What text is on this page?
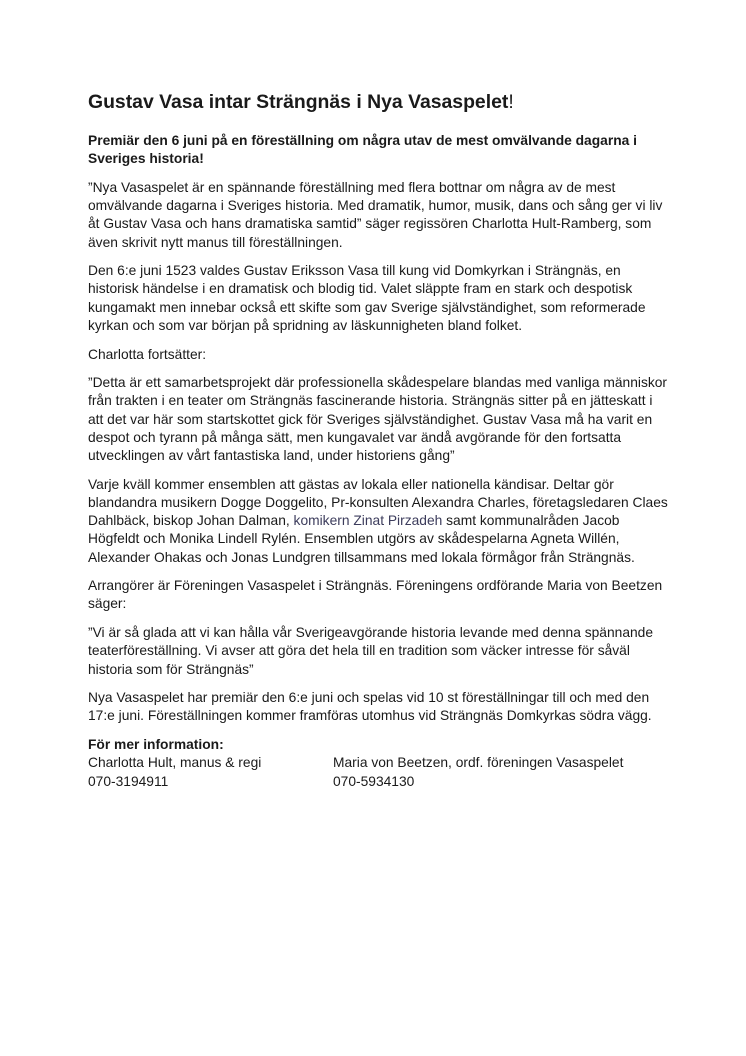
Gustav Vasa intar Strängnäs i Nya Vasaspelet!

Premiär den 6 juni på en föreställning om några utav de mest omvälvande dagarna i Sveriges historia!

”Nya Vasaspelet är en spännande föreställning med flera bottnar om några av de mest omvälvande dagarna i Sveriges historia. Med dramatik, humor, musik, dans och sång ger vi liv åt Gustav Vasa och hans dramatiska samtid” säger regissören Charlotta Hult-Ramberg, som även skrivit nytt manus till föreställningen.

Den 6:e juni 1523 valdes Gustav Eriksson Vasa till kung vid Domkyrkan i Strängnäs, en historisk händelse i en dramatisk och blodig tid. Valet släppte fram en stark och despotisk kungamakt men innebar också ett skifte som gav Sverige självständighet, som reformerade kyrkan och som var början på spridning av läskunnigheten bland folket.

Charlotta fortsätter:

”Detta är ett samarbetsprojekt där professionella skådespelare blandas med vanliga människor från trakten i en teater om Strängnäs fascinerande historia. Strängnäs sitter på en jätteskatt i att det var här som startskottet gick för Sveriges självständighet. Gustav Vasa må ha varit en despot och tyrann på många sätt, men kungavalet var ändå avgörande för den fortsatta utvecklingen av vårt fantastiska land, under historiens gång”

Varje kväll kommer ensemblen att gästas av lokala eller nationella kändisar. Deltar gör blandandra musikern Dogge Doggelito, Pr-konsulten Alexandra Charles, företagsledaren Claes Dahlbäck, biskop Johan Dalman, komikern Zinat Pirzadeh samt kommunalråden Jacob Högfeldt och Monika Lindell Rylén. Ensemblen utgörs av skådespelarna Agneta Willén, Alexander Ohakas och Jonas Lundgren tillsammans med lokala förmågor från Strängnäs.

Arrangörer är Föreningen Vasaspelet i Strängnäs. Föreningens ordförande Maria von Beetzen säger:

”Vi är så glada att vi kan hålla vår Sverigeavgörande historia levande med denna spännande teaterföreställning. Vi avser att göra det hela till en tradition som väcker intresse för såväl historia som för Strängnäs”

Nya Vasaspelet har premiär den 6:e juni och spelas vid 10 st föreställningar till och med den 17:e juni. Föreställningen kommer framföras utomhus vid Strängnäs Domkyrkas södra vägg.

För mer information:
Charlotta Hult, manus & regi
070-3194911
Maria von Beetzen, ordf. föreningen Vasaspelet
070-5934130
